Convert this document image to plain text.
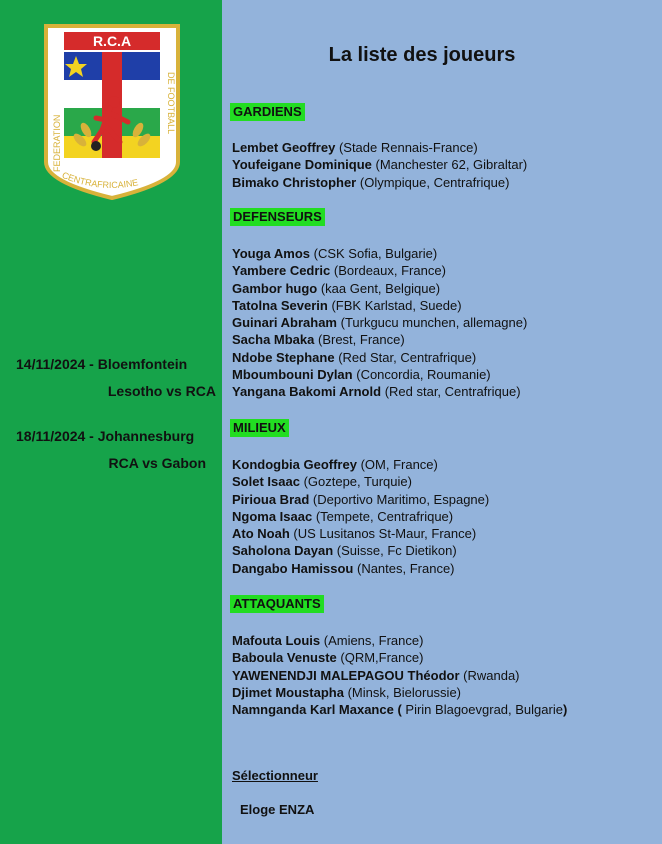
R.C.A
FEDERATION
DE FOOTBALL
CENTRAFRICAINE
14/11/2024 - Bloemfontein
Lesotho vs RCA
18/11/2024 - Johannesburg
RCA vs Gabon
La liste des joueurs
GARDIENS
Lembet Geoffrey (Stade Rennais-France)
Youfeigane Dominique (Manchester 62, Gibraltar)
Bimako Christopher (Olympique, Centrafrique)
DEFENSEURS
Youga Amos (CSK Sofia, Bulgarie)
Yambere Cedric (Bordeaux, France)
Gambor hugo (kaa Gent, Belgique)
Tatolna Severin (FBK Karlstad, Suede)
Guinari Abraham (Turkgucu munchen, allemagne)
Sacha Mbaka (Brest, France)
Ndobe Stephane (Red Star, Centrafrique)
Mboumbouni Dylan (Concordia, Roumanie)
Yangana Bakomi Arnold (Red star, Centrafrique)
MILIEUX
Kondogbia Geoffrey (OM, France)
Solet Isaac (Goztepe, Turquie)
Pirioua Brad (Deportivo Maritimo, Espagne)
Ngoma Isaac (Tempete, Centrafrique)
Ato Noah (US Lusitanos St-Maur, France)
Saholona Dayan (Suisse, Fc Dietikon)
Dangabo Hamissou (Nantes, France)
ATTAQUANTS
Mafouta Louis (Amiens, France)
Baboula Venuste (QRM,France)
YAWENENDJI MALEPAGOU Théodor (Rwanda)
Djimet Moustapha (Minsk, Bielorussie)
Namnganda Karl Maxance ( Pirin Blagoevgrad, Bulgarie)
Sélectionneur
Eloge ENZA
